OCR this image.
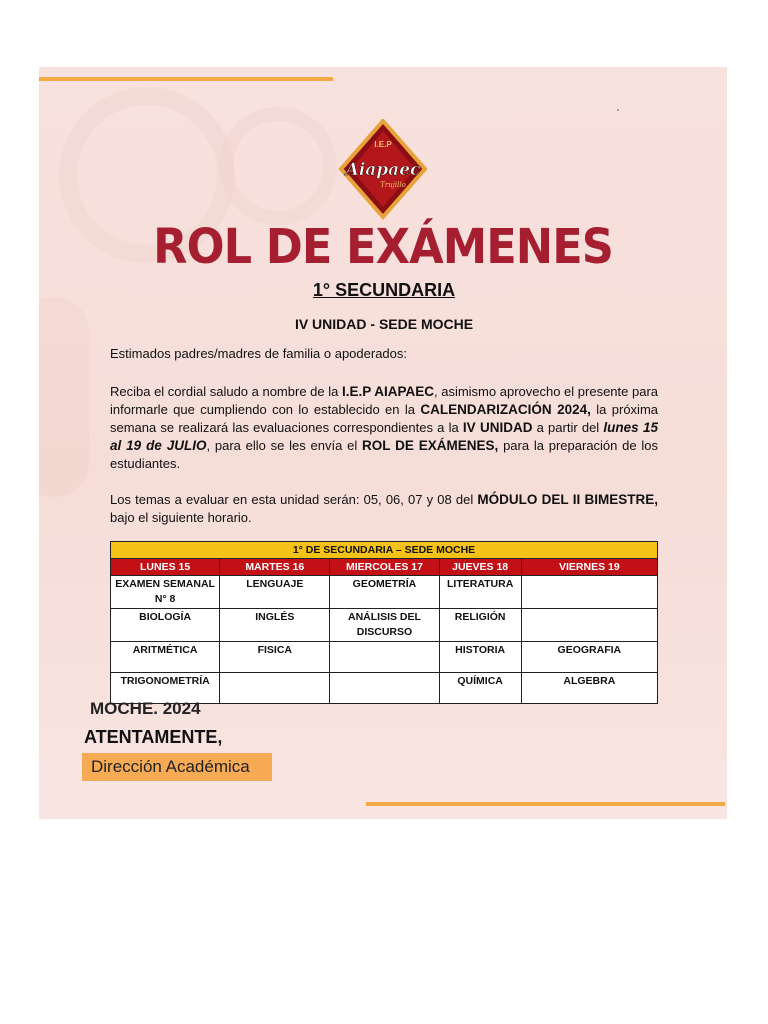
I.E.P
Aiapaec
Trujillo
ROL DE EXÁMENES
1° SECUNDARIA
IV UNIDAD - SEDE MOCHE
Estimados padres/madres de familia o apoderados:
Reciba el cordial saludo a nombre de la I.E.P AIAPAEC, asimismo aprovecho el presente para informarle que cumpliendo con lo establecido en la CALENDARIZACIÓN 2024, la próxima semana se realizará las evaluaciones correspondientes a la IV UNIDAD a partir del lunes 15 al 19 de JULIO, para ello se les envía el ROL DE EXÁMENES, para la preparación de los estudiantes.
Los temas a evaluar en esta unidad serán: 05, 06, 07 y 08 del MÓDULO DEL II BIMESTRE, bajo el siguiente horario.
1° DE SECUNDARIA – SEDE MOCHE				
LUNES 15	MARTES 16	MIERCOLES 17	JUEVES 18	VIERNES 19
EXAMEN SEMANAL N° 8	LENGUAJE	GEOMETRÍA	LITERATURA	
BIOLOGÍA	INGLÉS	ANÁLISIS DEL DISCURSO	RELIGIÓN	
ARITMÉTICA	FISICA		HISTORIA	GEOGRAFIA
TRIGONOMETRÍA			QUÍMICA	ALGEBRA
MOCHE. 2024
ATENTAMENTE,
Dirección Académica
